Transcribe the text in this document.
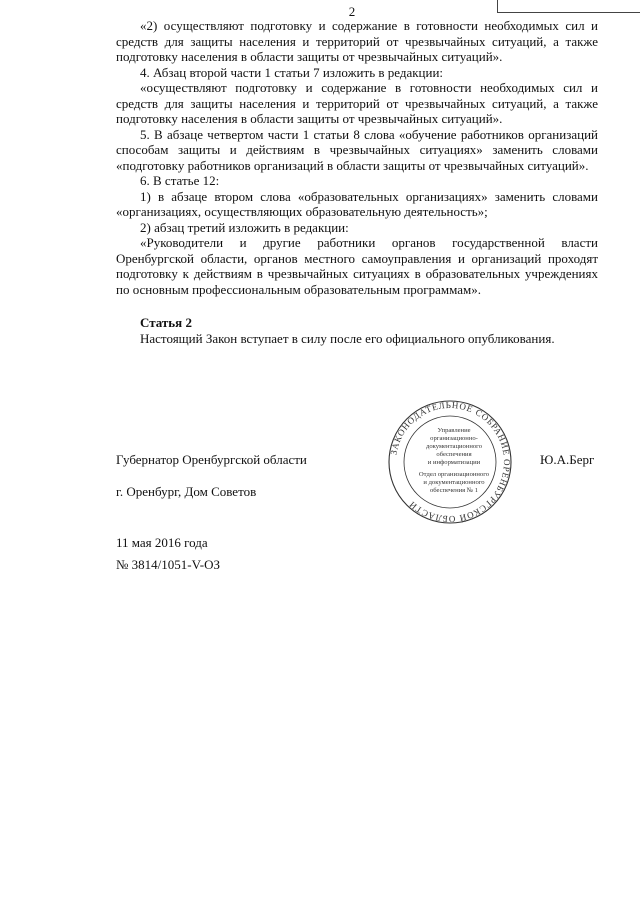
2

«2) осуществляют подготовку и содержание в готовности необходимых сил и средств для защиты населения и территорий от чрезвычайных ситуаций, а также подготовку населения в области защиты от чрезвычайных ситуаций».

4. Абзац второй части 1 статьи 7 изложить в редакции:

«осуществляют подготовку и содержание в готовности необходимых сил и средств для защиты населения и территорий от чрезвычайных ситуаций, а также подготовку населения в области защиты от чрезвычайных ситуаций».

5. В абзаце четвертом части 1 статьи 8 слова «обучение работников организаций способам защиты и действиям в чрезвычайных ситуациях» заменить словами «подготовку работников организаций в области защиты от чрезвычайных ситуаций».

6. В статье 12:

1) в абзаце втором слова «образовательных организациях» заменить словами «организациях, осуществляющих образовательную деятельность»;

2) абзац третий изложить в редакции:

«Руководители и другие работники органов государственной власти Оренбургской области, органов местного самоуправления и организаций проходят подготовку к действиям в чрезвычайных ситуациях в образовательных учреждениях по основным профессиональным образовательным программам».

Статья 2

Настоящий Закон вступает в силу после его официального опубликования.

Губернатор Оренбургской области	Ю.А.Берг
г. Оренбург, Дом Советов
11 мая 2016 года
№ 3814/1051-V-ОЗ
ЗАКОНОДАТЕЛЬНОЕ СОБРАНИЕ ОРЕНБУРГСКОЙ ОБЛАСТИ
Управление
организационно-
документационного
обеспечения
и информатизации
Отдел организационного
и документационного
обеспечения № 1
